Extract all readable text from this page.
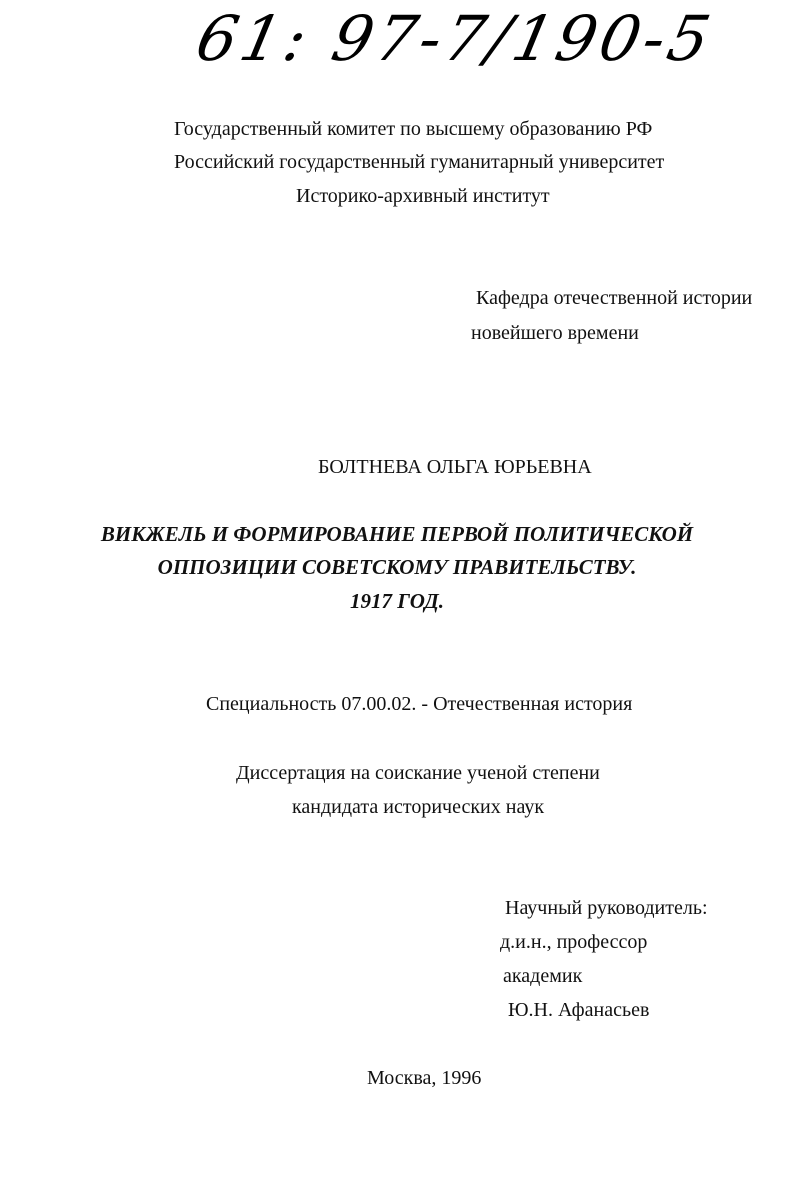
61: 97-7/190-5
Государственный комитет по высшему образованию РФ
Российский государственный гуманитарный университет
Историко-архивный институт
Кафедра отечественной истории
новейшего времени
БОЛТНЕВА ОЛЬГА ЮРЬЕВНА
ВИКЖЕЛЬ И ФОРМИРОВАНИЕ ПЕРВОЙ ПОЛИТИЧЕСКОЙ
ОППОЗИЦИИ СОВЕТСКОМУ ПРАВИТЕЛЬСТВУ.
1917 ГОД.
Специальность 07.00.02. - Отечественная история
Диссертация на соискание ученой степени
кандидата исторических наук
Научный руководитель:
д.и.н., профессор
академик
Ю.Н. Афанасьев
Москва, 1996
